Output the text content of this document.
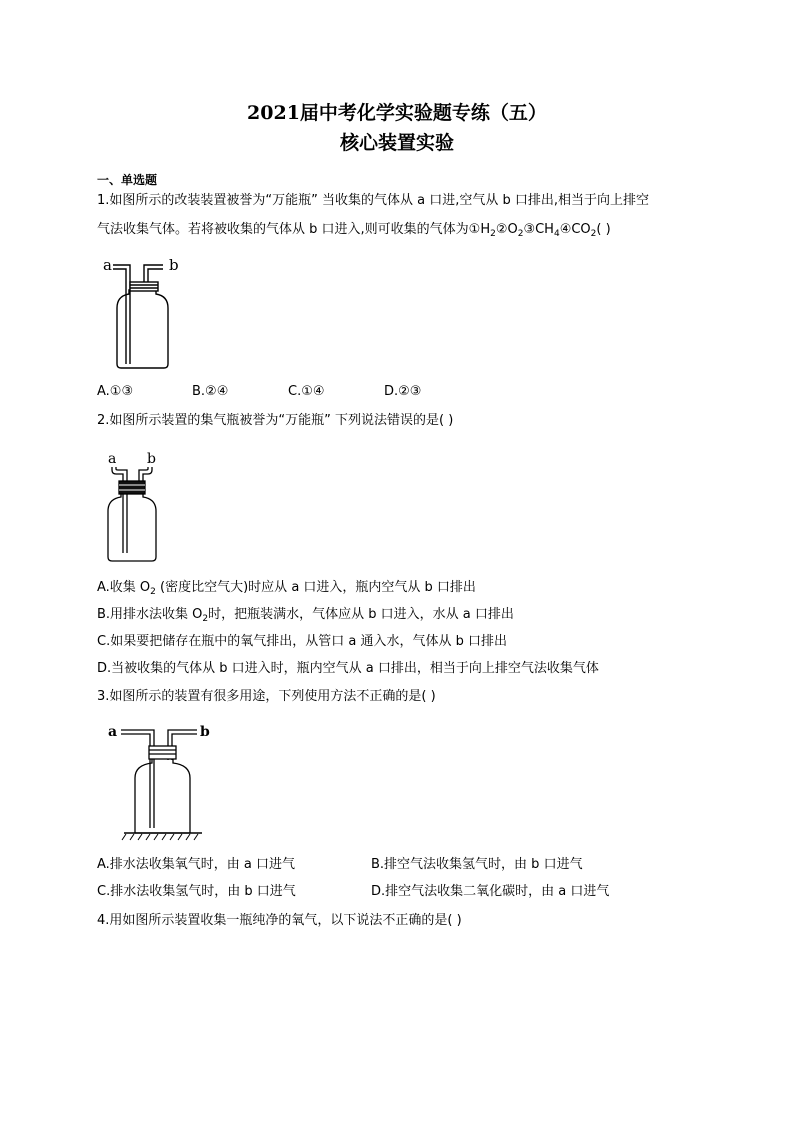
2021届中考化学实验题专练（五）
核心装置实验
一、单选题
1.如图所示的改装装置被誉为“万能瓶” 当收集的气体从 a 口进,空气从 b 口排出,相当于向上排空
气法收集气体。若将被收集的气体从 b 口进入,则可收集的气体为$①H_2②O_2③CH_4④CO_2$( )
a	b
A.①③	B.②④	C.①④	D.②③
2.如图所示装置的集气瓶被誉为“万能瓶” 下列说法错误的是( )
a b
A.收集 $O_2$ (密度比空气大)时应从 a 口进入，瓶内空气从 b 口排出
B.用排水法收集 $O_2$时，把瓶装满水，气体应从 b 口进入，水从 a 口排出
C.如果要把储存在瓶中的氧气排出，从管口 a 通入水，气体从 b 口排出
D.当被收集的气体从 b 口进入时，瓶内空气从 a 口排出，相当于向上排空气法收集气体
3.如图所示的装置有很多用途，下列使用方法不正确的是( )
a	b
A.排水法收集氧气时，由 a 口进气	B.排空气法收集氢气时，由 b 口进气
C.排水法收集氢气时，由 b 口进气	D.排空气法收集二氧化碳时，由 a 口进气
4.用如图所示装置收集一瓶纯净的氧气，以下说法不正确的是( )
